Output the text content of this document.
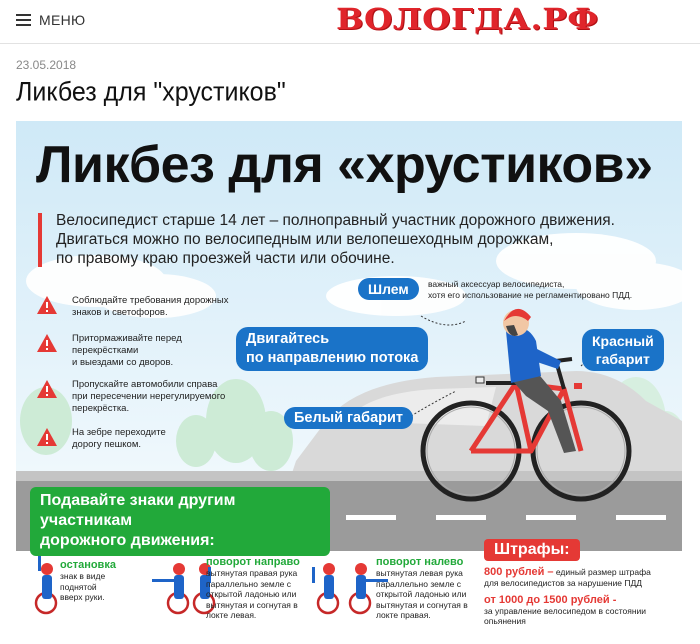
МЕНЮ	ВОЛОГДА.РФ
23.05.2018
Ликбез для "хрустиков"
Ликбез для «хрустиков»
Велосипедист старше 14 лет – полноправный участник дорожного движения.
Двигаться можно по велосипедным или велопешеходным дорожкам,
по правому краю проезжей части или обочине.
Соблюдайте требования дорожных
знаков и светофоров.
Притормаживайте перед
перекрёстками
и выездами со дворов.
Пропускайте автомобили справа
при пересечении нерегулируемого
перекрёстка.
На зебре переходите
дорогу пешком.
Шлем	важный аксессуар велосипедиста,
хотя его использование не регламентировано ПДД.
Двигайтесь
по направлению потока
Красный
габарит
Белый габарит
Подавайте знаки другим участникам
дорожного движения:
остановка
знак в виде
поднятой
вверх руки.
поворот направо
вытянутая правая рука
параллельно земле с
открытой ладонью или
вытянутая и согнутая в
локте левая.
поворот налево
вытянутая левая рука
параллельно земле с
открытой ладонью или
вытянутая и согнутая в
локте правая.
Штрафы:
800 рублей – единый размер штрафа
для велосипедистов за нарушение ПДД
от 1000 до 1500 рублей -
за управление велосипедом в состоянии опьянения
